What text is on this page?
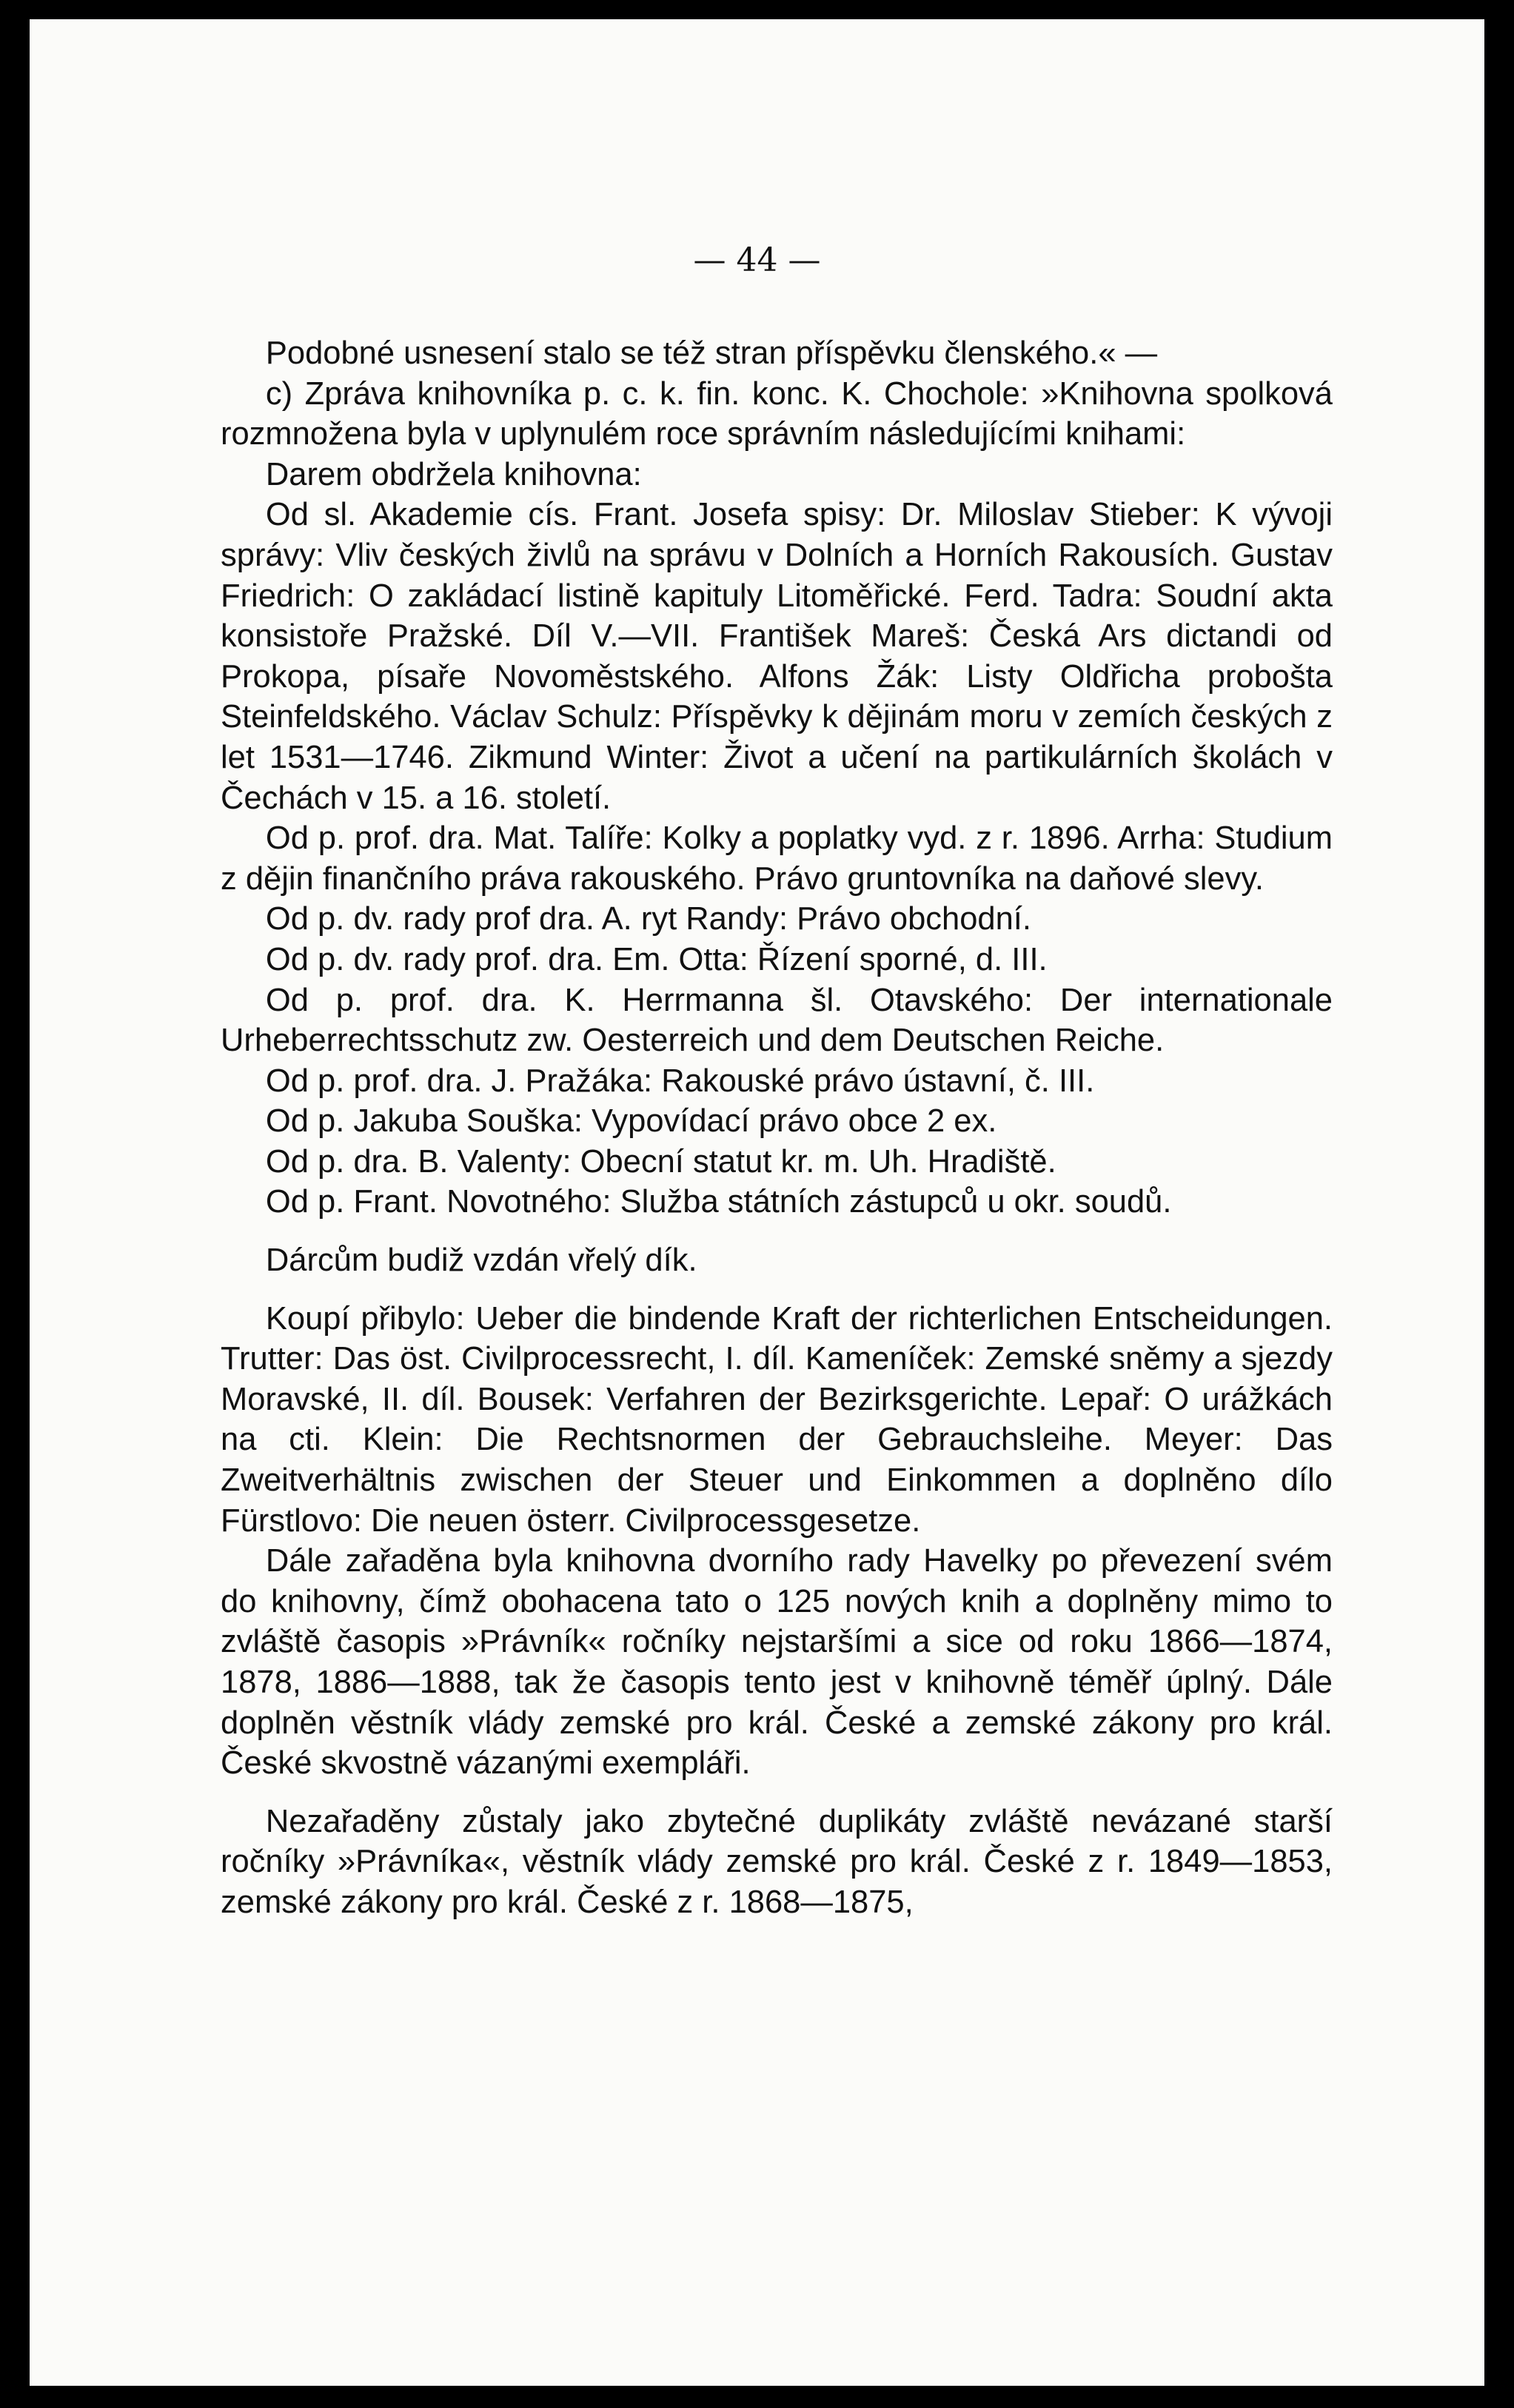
— 44 —

Podobné usnesení stalo se též stran příspěvku členského.« —

c) Zpráva knihovníka p. c. k. fin. konc. K. Chochole: »Knihovna spolková rozmnožena byla v uplynulém roce správním následujícími knihami:

Darem obdržela knihovna:

Od sl. Akademie cís. Frant. Josefa spisy: Dr. Miloslav Stieber: K vývoji správy: Vliv českých živlů na správu v Dolních a Horních Rakousích. Gustav Friedrich: O zakládací listině kapituly Litoměřické. Ferd. Tadra: Soudní akta konsistoře Pražské. Díl V.—VII. František Mareš: Česká Ars dictandi od Prokopa, písaře Novoměstského. Alfons Žák: Listy Oldřicha proboštа Steinfeldského. Václav Schulz: Příspěvky k dějinám moru v zemích českých z let 1531—1746. Zikmund Winter: Život a učení na partikulárních školách v Čechách v 15. a 16. století.

Od p. prof. dra. Mat. Talíře: Kolky a poplatky vyd. z r. 1896. Arrha: Studium z dějin finančního práva rakouského. Právo gruntovníka na daňové slevy.

Od p. dv. rady prof dra. A. ryt Randy: Právo obchodní.

Od p. dv. rady prof. dra. Em. Otta: Řízení sporné, d. III.

Od p. prof. dra. K. Herrmanna šl. Otavského: Der internationale Urheberrechtsschutz zw. Oesterreich und dem Deutschen Reiche.

Od p. prof. dra. J. Pražáka: Rakouské právo ústavní, č. III.

Od p. Jakuba Souška: Vypovídací právo obce 2 ex.

Od p. dra. B. Valenty: Obecní statut kr. m. Uh. Hradiště.

Od p. Frant. Novotného: Služba státních zástupců u okr. soudů.

Dárcům budiž vzdán vřelý dík.

Koupí přibylo: Ueber die bindende Kraft der richterlichen Entscheidungen. Trutter: Das öst. Civilprocessrecht, I. díl. Kameníček: Zemské sněmy a sjezdy Moravské, II. díl. Bousek: Verfahren der Bezirksgerichte. Lepař: O urážkách na cti. Klein: Die Rechtsnormen der Gebrauchsleihe. Meyer: Das Zweitverhältnis zwischen der Steuer und Einkommen a doplněno dílo Fürstlovo: Die neuen österr. Civilprocessgesetze.

Dále zařaděna byla knihovna dvorního rady Havelky po převezení svém do knihovny, čímž obohacena tato o 125 nových knih a doplněny mimo to zvláště časopis »Právník« ročníky nejstaršími a sice od roku 1866—1874, 1878, 1886—1888, tak že časopis tento jest v knihovně téměř úplný. Dále doplněn věstník vlády zemské pro král. České a zemské zákony pro král. České skvostně vázanými exempláři.

Nezařaděny zůstaly jako zbytečné duplikáty zvláště nevázané starší ročníky »Právníka«, věstník vlády zemské pro král. České z r. 1849—1853, zemské zákony pro král. České z r. 1868—1875,
